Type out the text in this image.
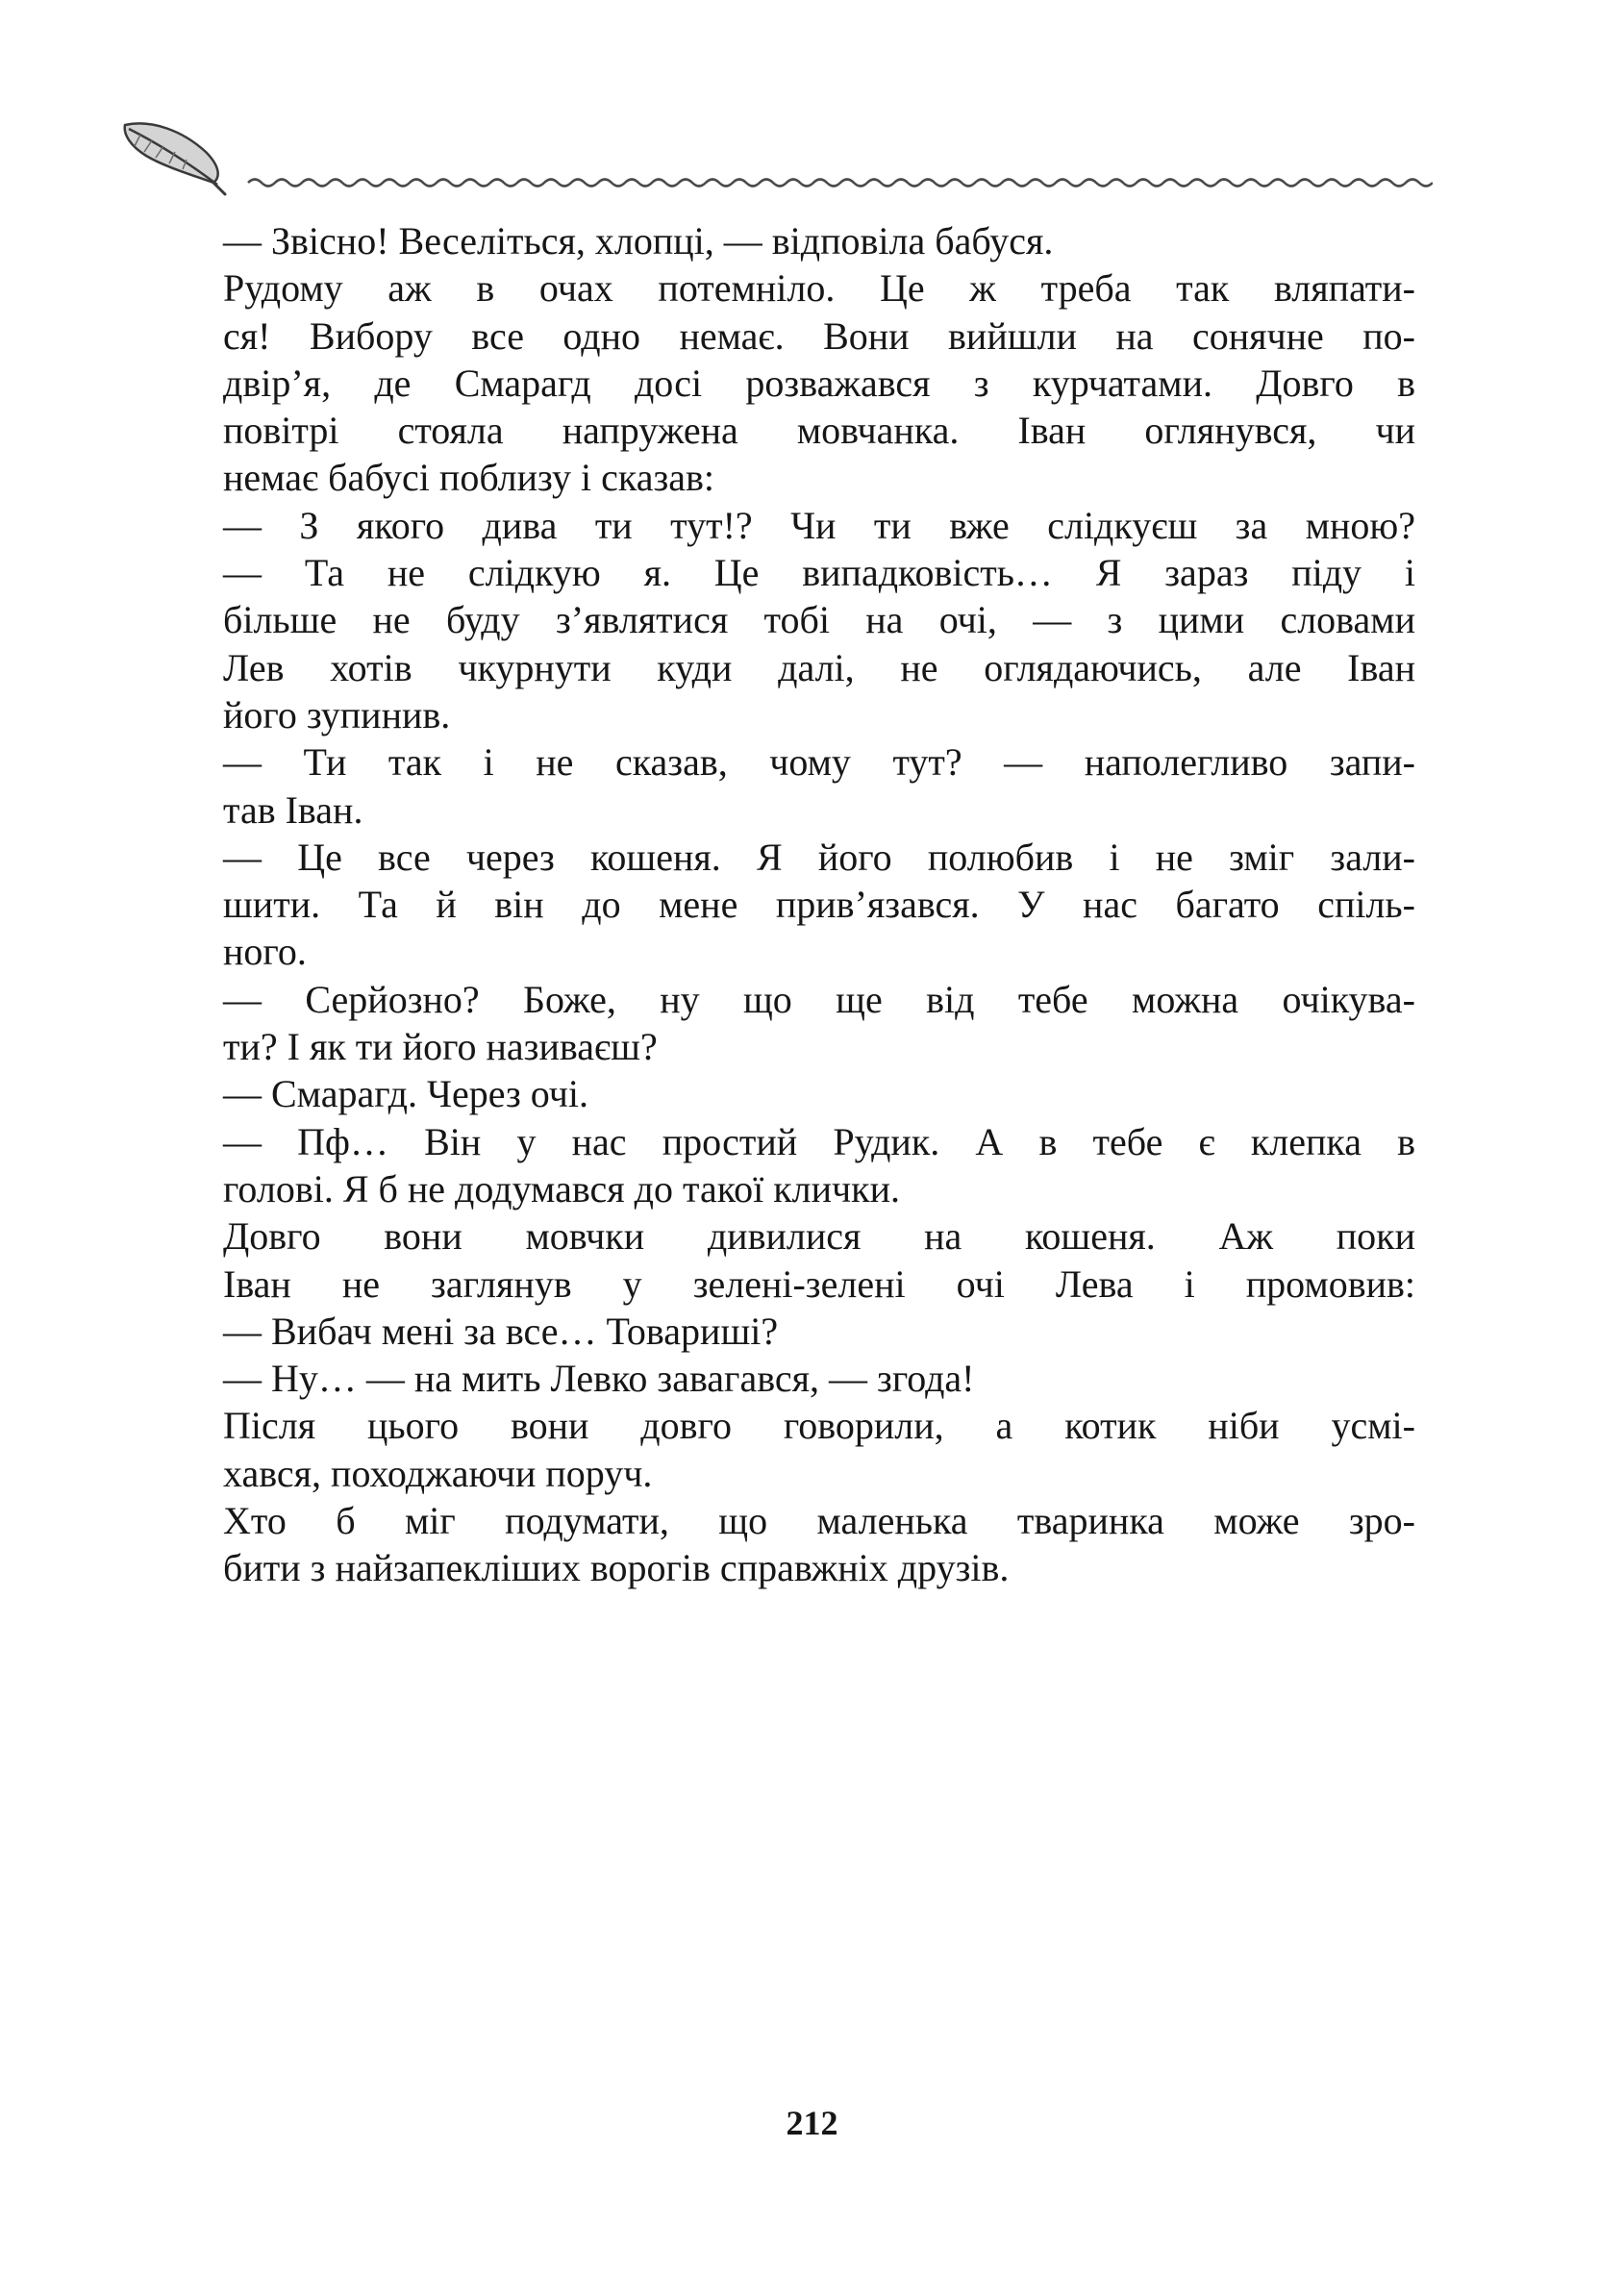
— Звісно! Веселіться, хлопці, — відповіла бабуся.
Рудому аж в очах потемніло. Це ж треба так вляпати-
ся! Вибору все одно немає. Вони вийшли на сонячне по-
двір’я, де Смарагд досі розважався з курчатами. Довго в
повітрі стояла напружена мовчанка. Іван оглянувся, чи
немає бабусі поблизу і сказав:
— З якого дива ти тут!? Чи ти вже слідкуєш за мною?
— Та не слідкую я. Це випадковість… Я зараз піду і
більше не буду з’являтися тобі на очі, — з цими словами
Лев хотів чкурнути куди далі, не оглядаючись, але Іван
його зупинив.
— Ти так і не сказав, чому тут? — наполегливо запи-
тав Іван.
— Це все через кошеня. Я його полюбив і не зміг зали-
шити. Та й він до мене прив’язався. У нас багато спіль-
ного.
— Серйозно? Боже, ну що ще від тебе можна очікува-
ти? І як ти його називаєш?
— Смарагд. Через очі.
— Пф… Він у нас простий Рудик. А в тебе є клепка в
голові. Я б не додумався до такої клички.
Довго вони мовчки дивилися на кошеня. Аж поки
Іван не заглянув у зелені-зелені очі Лева і промовив:
— Вибач мені за все… Товариші?
— Ну… — на мить Левко завагався, — згода!
Після цього вони довго говорили, а котик ніби усмі-
хався, походжаючи поруч.
Хто б міг подумати, що маленька тваринка може зро-
бити з найзапекліших ворогів справжніх друзів.
212
